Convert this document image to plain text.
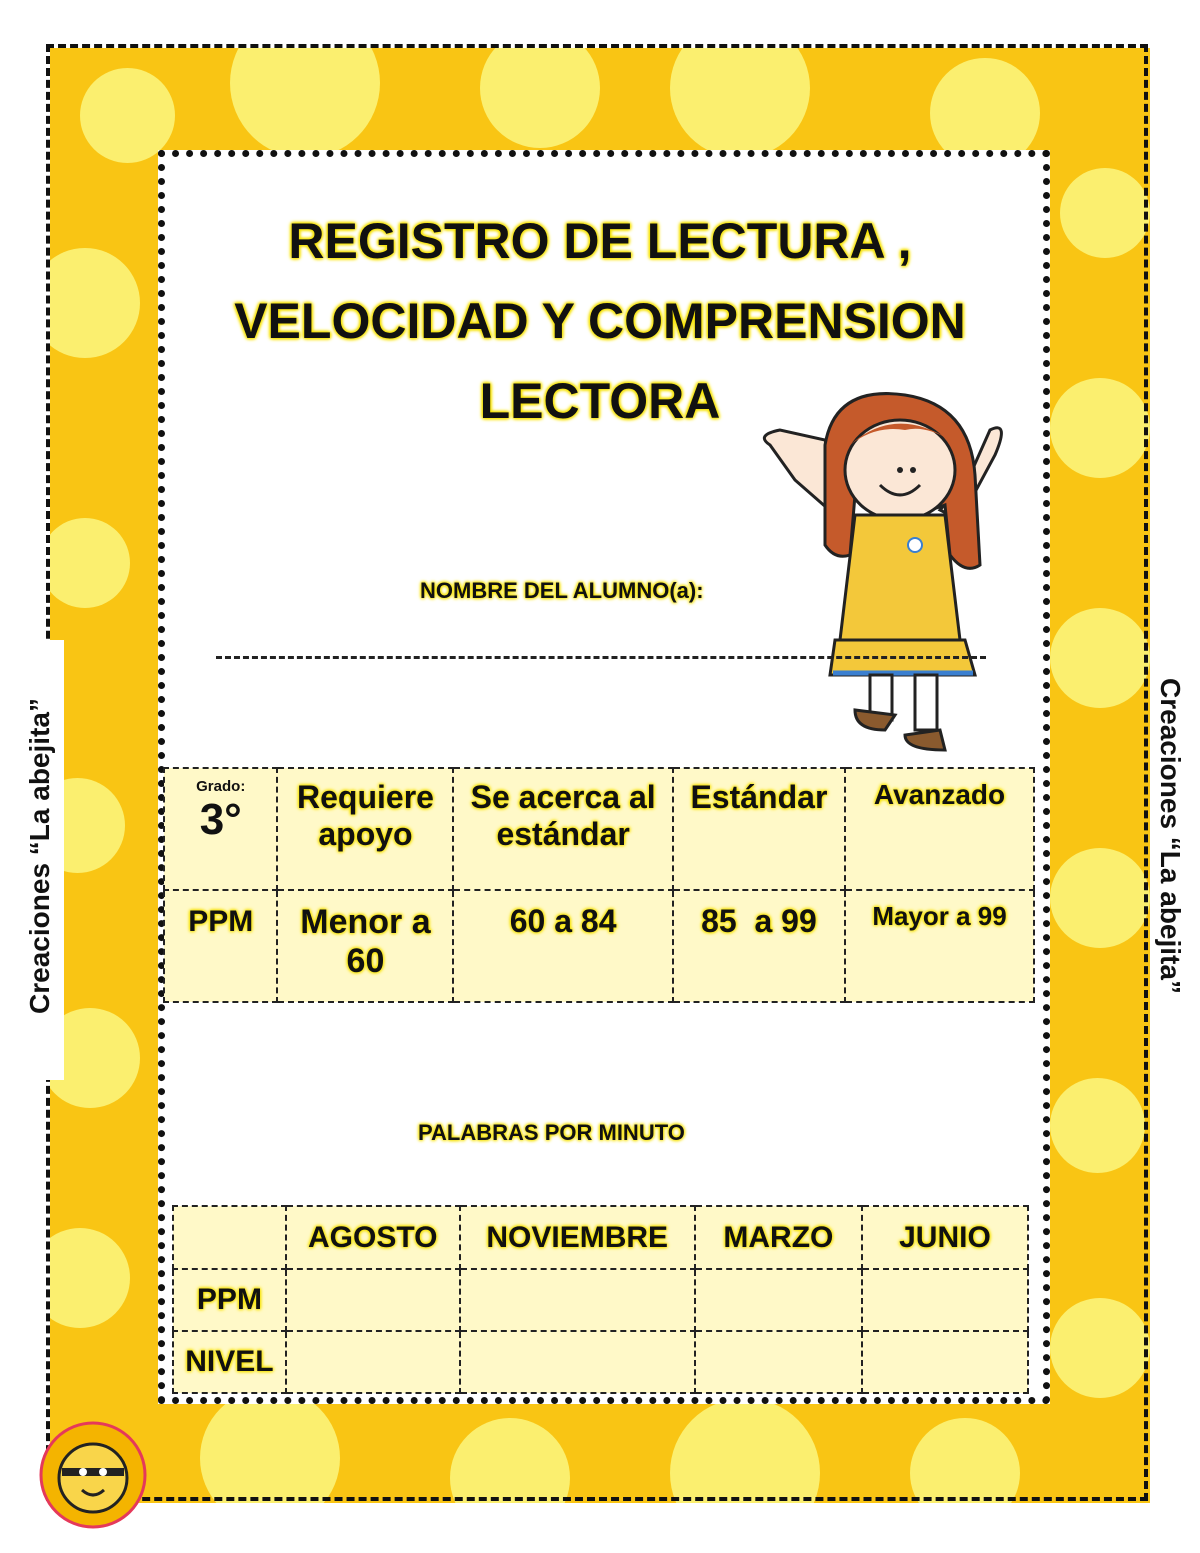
REGISTRO DE LECTURA ,
VELOCIDAD Y COMPRENSION
LECTORA
NOMBRE DEL ALUMNO(a):
Grado:
3°	Requiere apoyo	Se acerca al estándar	Estándar	Avanzado
PPM	Menor a 60	60 a 84	85  a 99	Mayor a 99
PALABRAS POR MINUTO
	AGOSTO	NOVIEMBRE	MARZO	JUNIO
PPM				
NIVEL				
Creaciones “La abejita”	Creaciones “La abejita”
